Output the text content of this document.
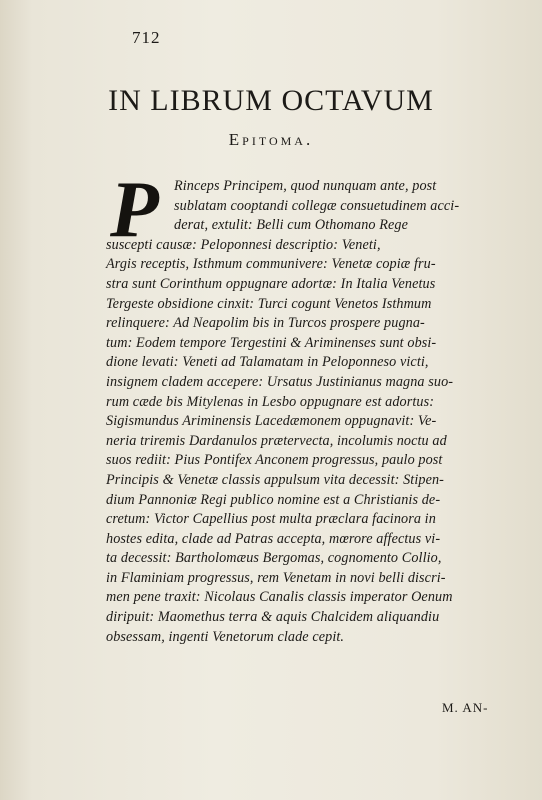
712
IN LIBRUM OCTAVUM
Epitoma.
P	Rinceps Principem, quod nunquam ante, post
sublatam cooptandi collegæ consuetudinem acci-
derat, extulit: Belli cum Othomano Rege
suscepti causæ: Peloponnesi descriptio: Veneti,
Argis receptis, Isthmum communivere: Venetæ copiæ fru-
stra sunt Corinthum oppugnare adortæ: In Italia Venetus
Tergeste obsidione cinxit: Turci cogunt Venetos Isthmum
relinquere: Ad Neapolim bis in Turcos prospere pugna-
tum: Eodem tempore Tergestini & Ariminenses sunt obsi-
dione levati: Veneti ad Talamatam in Peloponneso victi,
insignem cladem accepere: Ursatus Justinianus magna suo-
rum cæde bis Mitylenas in Lesbo oppugnare est adortus:
Sigismundus Ariminensis Lacedæmonem oppugnavit: Ve-
neria triremis Dardanulos prætervecta, incolumis noctu ad
suos rediit: Pius Pontifex Anconem progressus, paulo post
Principis & Venetæ classis appulsum vita decessit: Stipen-
dium Pannoniæ Regi publico nomine est a Christianis de-
cretum: Victor Capellius post multa præclara facinora in
hostes edita, clade ad Patras accepta, mœrore affectus vi-
ta decessit: Bartholomæus Bergomas, cognomento Collio,
in Flaminiam progressus, rem Venetam in novi belli discri-
men pene traxit: Nicolaus Canalis classis imperator Oenum
diripuit: Maomethus terra & aquis Chalcidem aliquandiu
obsessam, ingenti Venetorum clade cepit.
M. AN-
